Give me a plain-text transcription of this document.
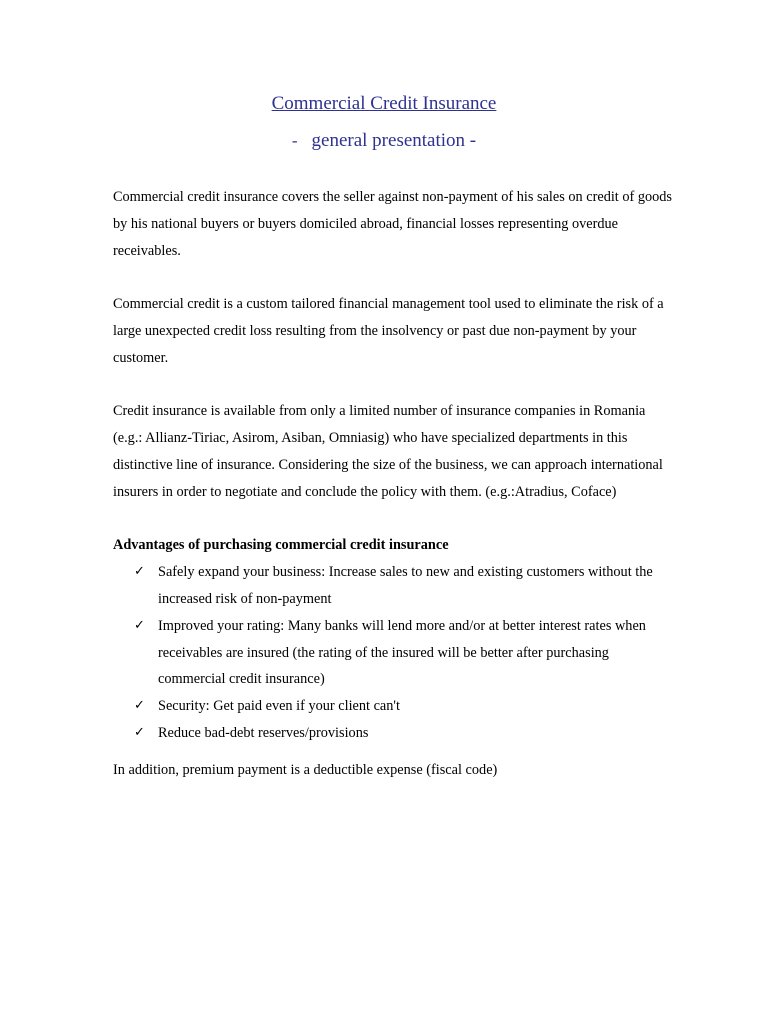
Commercial Credit Insurance
- general presentation -

Commercial credit insurance covers the seller against non-payment of his sales on credit of goods by his national buyers or buyers domiciled abroad, financial losses representing overdue receivables.

Commercial credit is a custom tailored financial management tool used to eliminate the risk of a large unexpected credit loss resulting from the insolvency or past due non-payment by your customer.

Credit insurance is available from only a limited number of insurance companies in Romania (e.g.: Allianz-Tiriac, Asirom, Asiban, Omniasig) who have specialized departments in this distinctive line of insurance. Considering the size of the business, we can approach international insurers in order to negotiate and conclude the policy with them. (e.g.:Atradius, Coface)

Advantages of purchasing commercial credit insurance
✓ Safely expand your business: Increase sales to new and existing customers without the increased risk of non-payment
✓ Improved your rating: Many banks will lend more and/or at better interest rates when receivables are insured (the rating of the insured will be better after purchasing commercial credit insurance)
✓ Security: Get paid even if your client can't
✓ Reduce bad-debt reserves/provisions

In addition, premium payment is a deductible expense (fiscal code)
